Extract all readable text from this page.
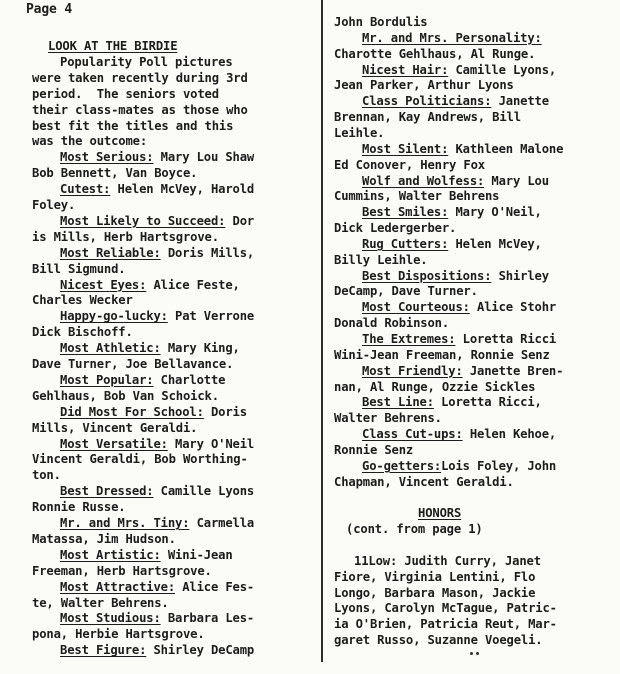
Page 4
LOOK AT THE BIRDIE
Popularity Poll pictures
were taken recently during 3rd
period.  The seniors voted
their class-mates as those who
best fit the titles and this
was the outcome:
Most Serious: Mary Lou Shaw
Bob Bennett, Van Boyce.
Cutest: Helen McVey, Harold
Foley.
Most Likely to Succeed: Dor
is Mills, Herb Hartsgrove.
Most Reliable: Doris Mills,
Bill Sigmund.
Nicest Eyes: Alice Feste,
Charles Wecker
Happy-go-lucky: Pat Verrone
Dick Bischoff.
Most Athletic: Mary King,
Dave Turner, Joe Bellavance.
Most Popular: Charlotte
Gehlhaus, Bob Van Schoick.
Did Most For School: Doris
Mills, Vincent Geraldi.
Most Versatile: Mary O'Neil
Vincent Geraldi, Bob Worthing-
ton.
Best Dressed: Camille Lyons
Ronnie Russe.
Mr. and Mrs. Tiny: Carmella
Matassa, Jim Hudson.
Most Artistic: Wini-Jean
Freeman, Herb Hartsgrove.
Most Attractive: Alice Fes-
te, Walter Behrens.
Most Studious: Barbara Les-
pona, Herbie Hartsgrove.
Best Figure: Shirley DeCamp
John Bordulis
Mr. and Mrs. Personality:
Charotte Gehlhaus, Al Runge.
Nicest Hair: Camille Lyons,
Jean Parker, Arthur Lyons
Class Politicians: Janette
Brennan, Kay Andrews, Bill
Leihle.
Most Silent: Kathleen Malone
Ed Conover, Henry Fox
Wolf and Wolfess: Mary Lou
Cummins, Walter Behrens
Best Smiles: Mary O'Neil,
Dick Ledergerber.
Rug Cutters: Helen McVey,
Billy Leihle.
Best Dispositions: Shirley
DeCamp, Dave Turner.
Most Courteous: Alice Stohr
Donald Robinson.
The Extremes: Loretta Ricci
Wini-Jean Freeman, Ronnie Senz
Most Friendly: Janette Bren-
nan, Al Runge, Ozzie Sickles
Best Line: Loretta Ricci,
Walter Behrens.
Class Cut-ups: Helen Kehoe,
Ronnie Senz
Go-getters:Lois Foley, John
Chapman, Vincent Geraldi.
HONORS
(cont. from page 1)
11Low: Judith Curry, Janet
Fiore, Virginia Lentini, Flo
Longo, Barbara Mason, Jackie
Lyons, Carolyn McTague, Patric-
ia O'Brien, Patricia Reut, Mar-
garet Russo, Suzanne Voegeli.
